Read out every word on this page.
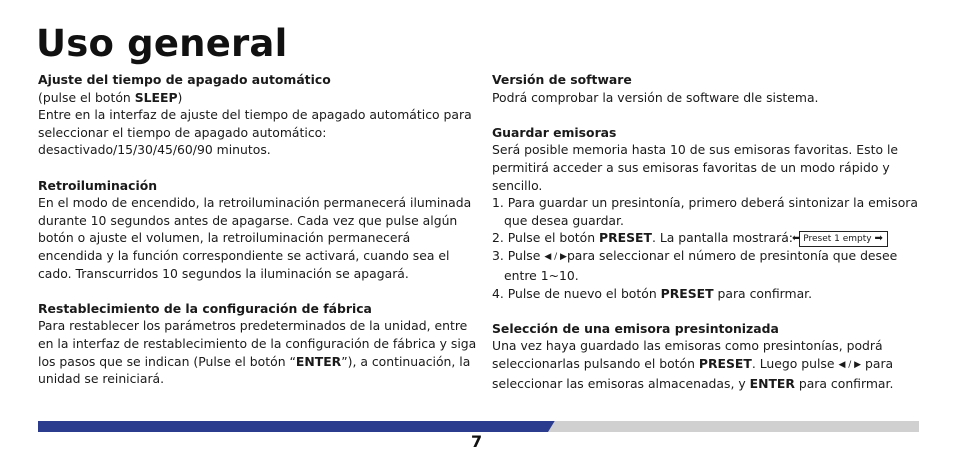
Uso general

Ajuste del tiempo de apagado automático

(pulse el botón SLEEP)

Entre en la interfaz de ajuste del tiempo de apagado automático para seleccionar el tiempo de apagado automático: desactivado/15/30/45/60/90 minutos.

Retroiluminación

En el modo de encendido, la retroiluminación permanecerá iluminada durante 10 segundos antes de apagarse. Cada vez que pulse algún botón o ajuste el volumen, la retroiluminación permanecerá encendida y la función correspondiente se activará, cuando sea el cado. Transcurridos 10 segundos la iluminación se apagará.

Restablecimiento de la configuración de fábrica

Para restablecer los parámetros predeterminados de la unidad, entre en la interfaz de restablecimiento de la configuración de fábrica y siga los pasos que se indican (Pulse el botón “ENTER”), a continuación, la unidad se reiniciará.

Versión de software

Podrá comprobar la versión de software dle sistema.

Guardar emisoras

Será posible memoria hasta 10 de sus emisoras favoritas. Esto le permitirá acceder a sus emisoras favoritas de un modo rápido y sencillo.

1. Para guardar un presintonía, primero deberá sintonizar la emisora que desea guardar.

2. Pulse el botón PRESET. La pantalla mostrará:⬅ Preset 1 empty ➡

3. Pulse ◀ / ▶para seleccionar el número de presintonía que desee entre 1~10.

4. Pulse de nuevo el botón PRESET para confirmar.

Selección de una emisora presintonizada

Una vez haya guardado las emisoras como presintonías, podrá seleccionarlas pulsando el botón PRESET. Luego pulse ◀ / ▶ para seleccionar las emisoras almacenadas, y ENTER para confirmar.

7
